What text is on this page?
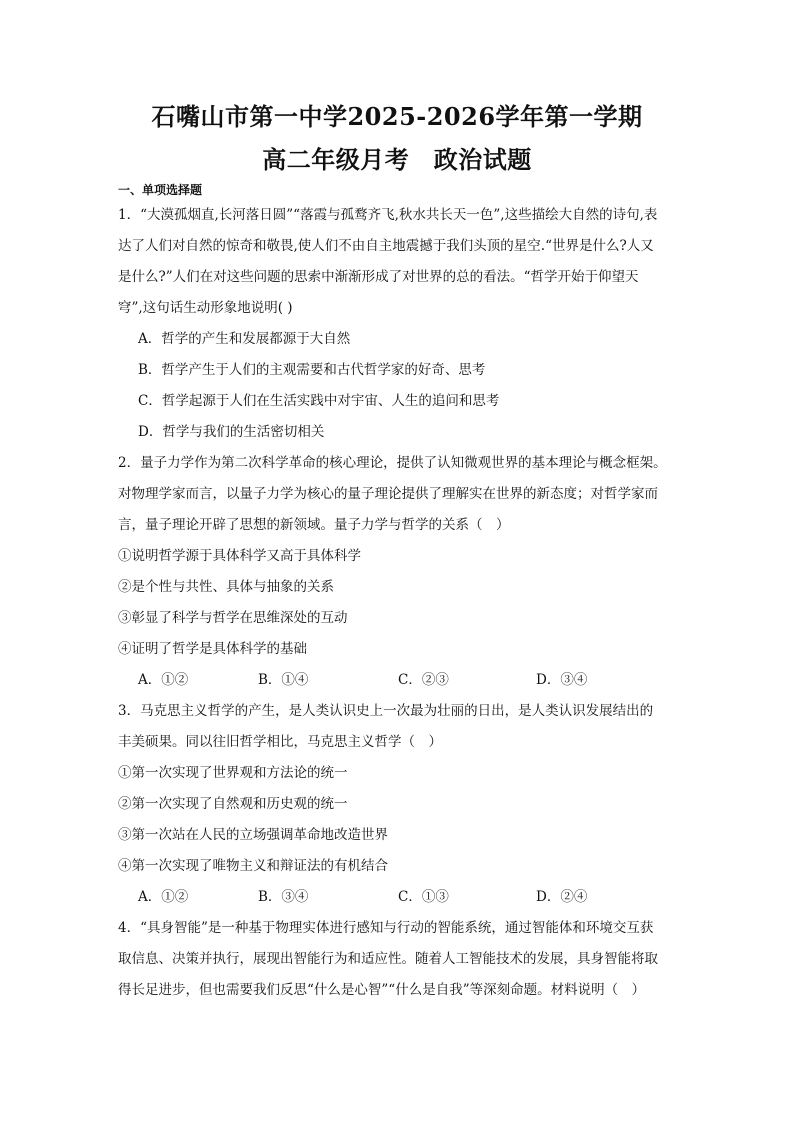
石嘴山市第一中学2025-2026学年第一学期
高二年级月考　政治试题
一、单项选择题
1．“大漠孤烟直,长河落日圆”“落霞与孤鹜齐飞,秋水共长天一色”,这些描绘大自然的诗句,表
达了人们对自然的惊奇和敬畏,使人们不由自主地震撼于我们头顶的星空.“世界是什么?人又
是什么?”人们在对这些问题的思索中渐渐形成了对世界的总的看法。“哲学开始于仰望天
穹”,这句话生动形象地说明( )
A．哲学的产生和发展都源于大自然
B．哲学产生于人们的主观需要和古代哲学家的好奇、思考
C．哲学起源于人们在生活实践中对宇宙、人生的追问和思考
D．哲学与我们的生活密切相关
2．量子力学作为第二次科学革命的核心理论，提供了认知微观世界的基本理论与概念框架。
对物理学家而言，以量子力学为核心的量子理论提供了理解实在世界的新态度；对哲学家而
言，量子理论开辟了思想的新领域。量子力学与哲学的关系（　）
①说明哲学源于具体科学又高于具体科学
②是个性与共性、具体与抽象的关系
③彰显了科学与哲学在思维深处的互动
④证明了哲学是具体科学的基础
A．①②	B．①④	C．②③	D．③④
3．马克思主义哲学的产生，是人类认识史上一次最为壮丽的日出，是人类认识发展结出的
丰美硕果。同以往旧哲学相比，马克思主义哲学（　）
①第一次实现了世界观和方法论的统一
②第一次实现了自然观和历史观的统一
③第一次站在人民的立场强调革命地改造世界
④第一次实现了唯物主义和辩证法的有机结合
A．①②	B．③④	C．①③	D．②④
4．“具身智能”是一种基于物理实体进行感知与行动的智能系统，通过智能体和环境交互获
取信息、决策并执行，展现出智能行为和适应性。随着人工智能技术的发展，具身智能将取
得长足进步，但也需要我们反思“什么是心智”“什么是自我”等深刻命题。材料说明（　）
